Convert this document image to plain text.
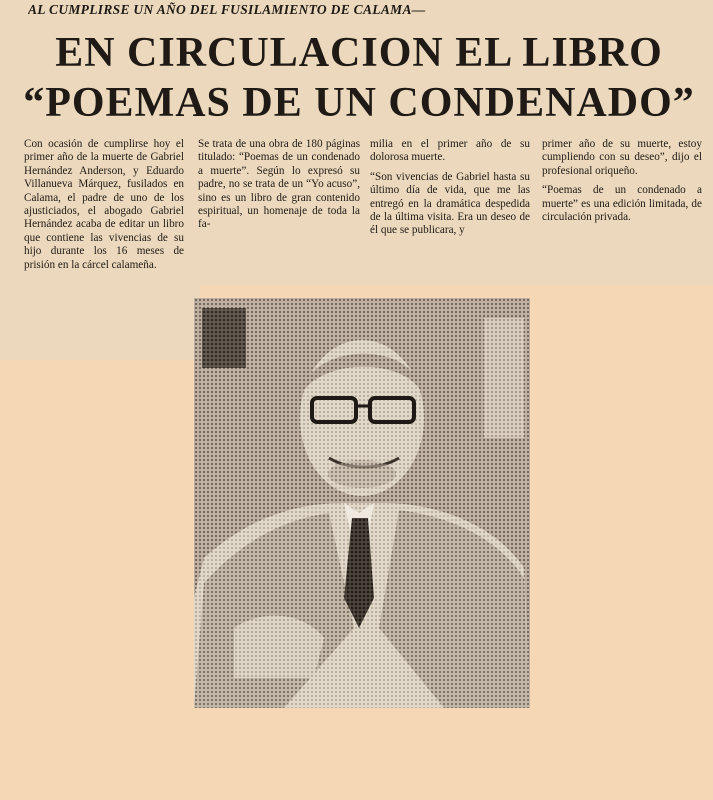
AL CUMPLIRSE UN AÑO DEL FUSILAMIENTO DE CALAMA—
EN CIRCULACION EL LIBRO
“POEMAS DE UN CONDENADO”

Con ocasión de cumplirse hoy el primer año de la muerte de Gabriel Hernández Anderson, y Eduardo Villanueva Márquez, fusilados en Calama, el padre de uno de los ajusticiados, el abogado Gabriel Hernández acaba de editar un libro que contiene las vivencias de su hijo durante los 16 meses de prisión en la cárcel calameña.

Se trata de una obra de 180 páginas titulado: “Poemas de un condenado a muerte”. Según lo expresó su padre, no se trata de un “Yo acuso”, sino es un libro de gran contenido espiritual, un homenaje de toda la fa-

milia en el primer año de su dolorosa muerte.

“Son vivencias de Gabriel hasta su último día de vida, que me las entregó en la dramática despedida de la última visita. Era un deseo de él que se publicara, y

primer año de su muerte, estoy cumpliendo con su deseo”, dijo el profesional oriqueño.

“Poemas de un condenado a muerte” es una edición limitada, de circulación privada.
